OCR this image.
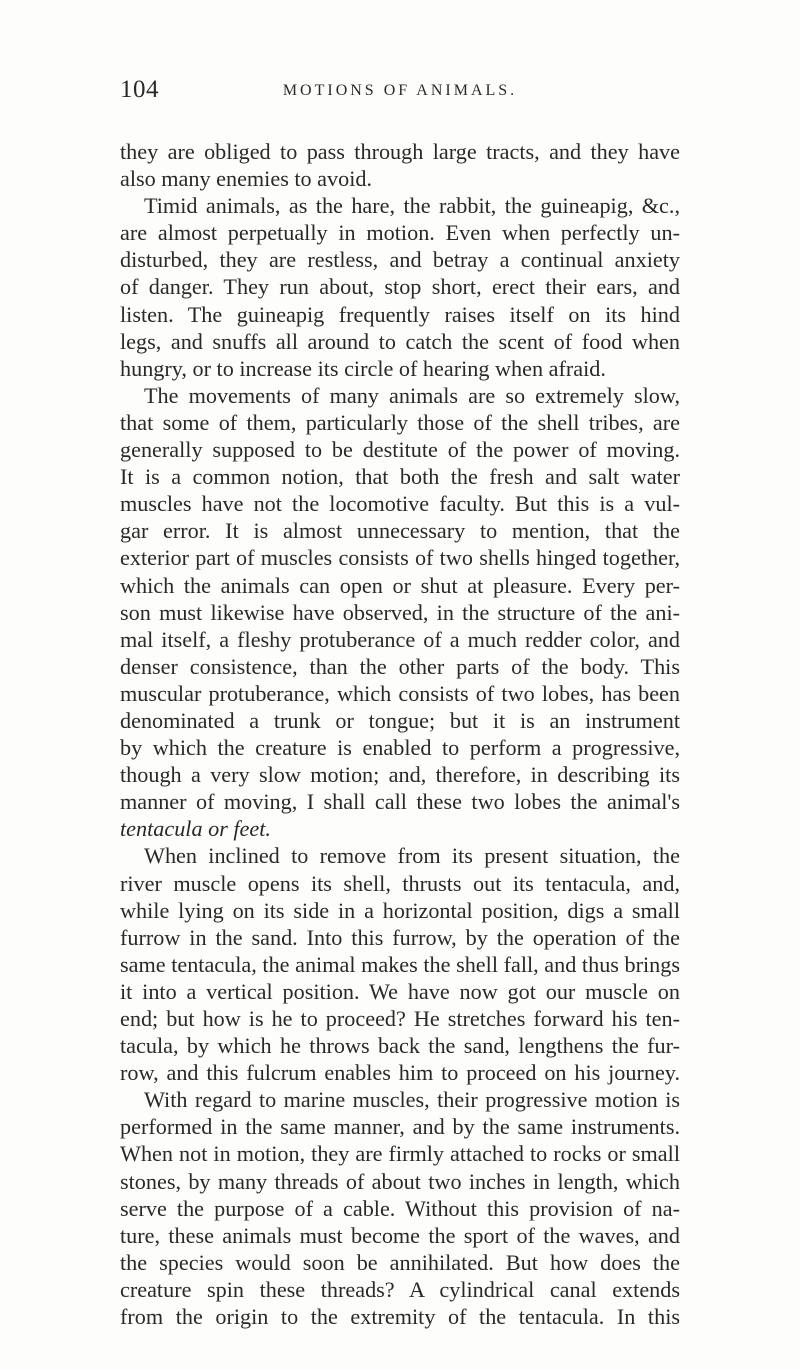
104	MOTIONS OF ANIMALS.
they are obliged to pass through large tracts, and they have
also many enemies to avoid.
Timid animals, as the hare, the rabbit, the guineapig, &c.,
are almost perpetually in motion. Even when perfectly un-
disturbed, they are restless, and betray a continual anxiety
of danger. They run about, stop short, erect their ears, and
listen. The guineapig frequently raises itself on its hind
legs, and snuffs all around to catch the scent of food when
hungry, or to increase its circle of hearing when afraid.
The movements of many animals are so extremely slow,
that some of them, particularly those of the shell tribes, are
generally supposed to be destitute of the power of moving.
It is a common notion, that both the fresh and salt water
muscles have not the locomotive faculty. But this is a vul-
gar error. It is almost unnecessary to mention, that the
exterior part of muscles consists of two shells hinged together,
which the animals can open or shut at pleasure. Every per-
son must likewise have observed, in the structure of the ani-
mal itself, a fleshy protuberance of a much redder color, and
denser consistence, than the other parts of the body. This
muscular protuberance, which consists of two lobes, has been
denominated a trunk or tongue; but it is an instrument
by which the creature is enabled to perform a progressive,
though a very slow motion; and, therefore, in describing its
manner of moving, I shall call these two lobes the animal's
tentacula or feet.
When inclined to remove from its present situation, the
river muscle opens its shell, thrusts out its tentacula, and,
while lying on its side in a horizontal position, digs a small
furrow in the sand. Into this furrow, by the operation of the
same tentacula, the animal makes the shell fall, and thus brings
it into a vertical position. We have now got our muscle on
end; but how is he to proceed? He stretches forward his ten-
tacula, by which he throws back the sand, lengthens the fur-
row, and this fulcrum enables him to proceed on his journey.
With regard to marine muscles, their progressive motion is
performed in the same manner, and by the same instruments.
When not in motion, they are firmly attached to rocks or small
stones, by many threads of about two inches in length, which
serve the purpose of a cable. Without this provision of na-
ture, these animals must become the sport of the waves, and
the species would soon be annihilated. But how does the
creature spin these threads? A cylindrical canal extends
from the origin to the extremity of the tentacula. In this
